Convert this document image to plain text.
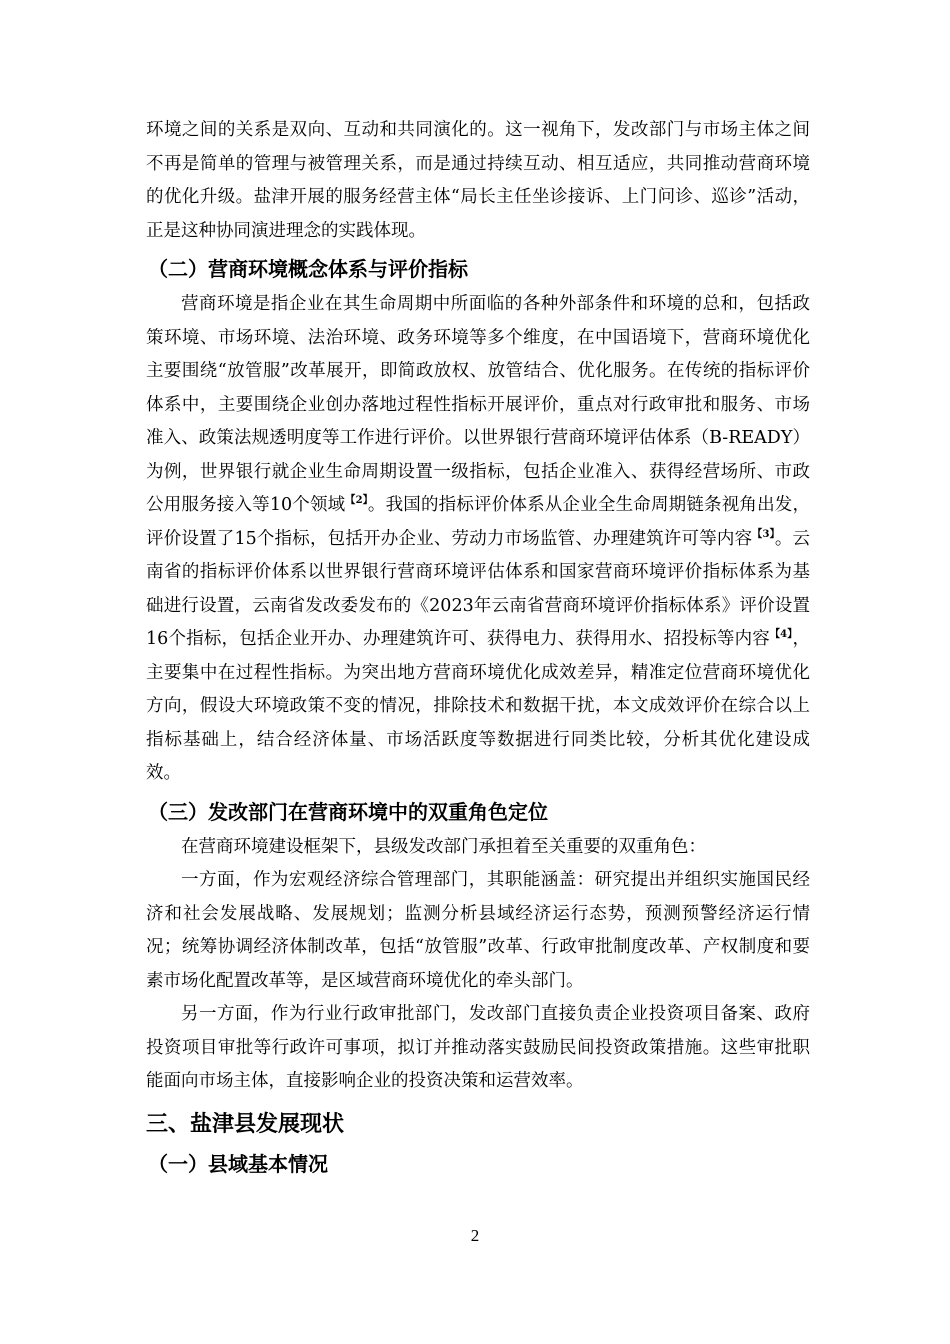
环境之间的关系是双向、互动和共同演化的。这一视角下，发改部门与市场主体之间不再是简单的管理与被管理关系，而是通过持续互动、相互适应，共同推动营商环境的优化升级。盐津开展的服务经营主体“局长主任坐诊接诉、上门问诊、巡诊”活动，正是这种协同演进理念的实践体现。

（二）营商环境概念体系与评价指标

营商环境是指企业在其生命周期中所面临的各种外部条件和环境的总和，包括政策环境、市场环境、法治环境、政务环境等多个维度，在中国语境下，营商环境优化主要围绕“放管服”改革展开，即简政放权、放管结合、优化服务。在传统的指标评价体系中，主要围绕企业创办落地过程性指标开展评价，重点对行政审批和服务、市场准入、政策法规透明度等工作进行评价。以世界银行营商环境评估体系（B-READY）为例，世界银行就企业生命周期设置一级指标，包括企业准入、获得经营场所、市政公用服务接入等10个领域$^{【2】}$。我国的指标评价体系从企业全生命周期链条视角出发，评价设置了15个指标，包括开办企业、劳动力市场监管、办理建筑许可等内容$^{【3】}$。云南省的指标评价体系以世界银行营商环境评估体系和国家营商环境评价指标体系为基础进行设置，云南省发改委发布的《2023年云南省营商环境评价指标体系》评价设置16个指标，包括企业开办、办理建筑许可、获得电力、获得用水、招投标等内容$^{【4】}$，主要集中在过程性指标。为突出地方营商环境优化成效差异，精准定位营商环境优化方向，假设大环境政策不变的情况，排除技术和数据干扰，本文成效评价在综合以上指标基础上，结合经济体量、市场活跃度等数据进行同类比较，分析其优化建设成效。

（三）发改部门在营商环境中的双重角色定位

在营商环境建设框架下，县级发改部门承担着至关重要的双重角色：

一方面，作为宏观经济综合管理部门，其职能涵盖：研究提出并组织实施国民经济和社会发展战略、发展规划；监测分析县域经济运行态势，预测预警经济运行情况；统筹协调经济体制改革，包括“放管服”改革、行政审批制度改革、产权制度和要素市场化配置改革等，是区域营商环境优化的牵头部门。

另一方面，作为行业行政审批部门，发改部门直接负责企业投资项目备案、政府投资项目审批等行政许可事项，拟订并推动落实鼓励民间投资政策措施。这些审批职能面向市场主体，直接影响企业的投资决策和运营效率。

三、盐津县发展现状
（一）县域基本情况
2
